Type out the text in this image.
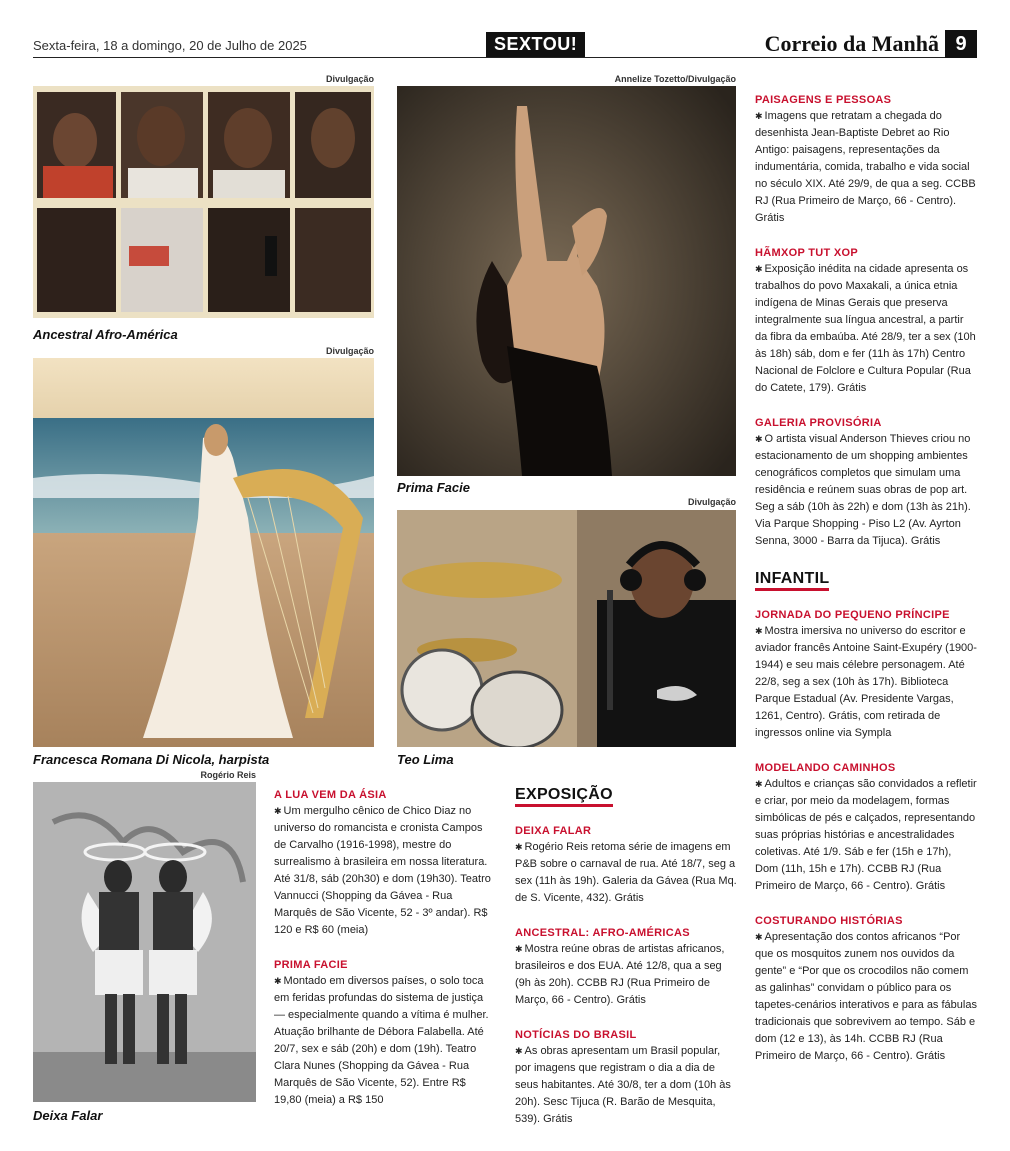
Sexta-feira, 18 a domingo, 20 de Julho de 2025	SEXTOU!	Correio da Manhã 9
Divulgação
Ancestral Afro-América
Divulgação
Francesca Romana Di Nicola, harpista
Annelize Tozetto/Divulgação
Prima Facie
Divulgação
Teo Lima
Rogério Reis
Deixa Falar
A LUA VEM DA ÁSIA

✱ Um mergulho cênico de Chico Diaz no universo do romancista e cronista Campos de Carvalho (1916-1998), mestre do surrealismo à brasileira em nossa literatura. Até 31/8, sáb (20h30) e dom (19h30). Teatro Vannucci (Shopping da Gávea - Rua Marquês de São Vicente, 52 - 3º andar). R$ 120 e R$ 60 (meia)

PRIMA FACIE

✱ Montado em diversos países, o solo toca em feridas profundas do sistema de justiça — especialmente quando a vítima é mulher. Atuação brilhante de Débora Falabella. Até 20/7, sex e sáb (20h) e dom (19h). Teatro Clara Nunes (Shopping da Gávea - Rua Marquês de São Vicente, 52). Entre R$ 19,80 (meia) a R$ 150

EXPOSIÇÃO
DEIXA FALAR

✱ Rogério Reis retoma série de imagens em P&B sobre o carnaval de rua. Até 18/7, seg a sex (11h às 19h). Galeria da Gávea (Rua Mq. de S. Vicente, 432). Grátis

ANCESTRAL: AFRO-AMÉRICAS

✱ Mostra reúne obras de artistas africanos, brasileiros e dos EUA. Até 12/8, qua a seg (9h às 20h). CCBB RJ (Rua Primeiro de Março, 66 - Centro). Grátis

NOTÍCIAS DO BRASIL

✱ As obras apresentam um Brasil popular, por imagens que registram o dia a dia de seus habitantes. Até 30/8, ter a dom (10h às 20h). Sesc Tijuca (R. Barão de Mesquita, 539). Grátis

PAISAGENS E PESSOAS

✱ Imagens que retratam a chegada do desenhista Jean-Baptiste Debret ao Rio Antigo: paisagens, representações da indumentária, comida, trabalho e vida social no século XIX. Até 29/9, de qua a seg. CCBB RJ (Rua Primeiro de Março, 66 - Centro). Grátis

HÃMXOP TUT XOP

✱ Exposição inédita na cidade apresenta os trabalhos do povo Maxakali, a única etnia indígena de Minas Gerais que preserva integralmente sua língua ancestral, a partir da fibra da embaúba. Até 28/9, ter a sex (10h às 18h) sáb, dom e fer (11h às 17h) Centro Nacional de Folclore e Cultura Popular (Rua do Catete, 179). Grátis

GALERIA PROVISÓRIA

✱ O artista visual Anderson Thieves criou no estacionamento de um shopping ambientes cenográficos completos que simulam uma residência e reúnem suas obras de pop art. Seg a sáb (10h às 22h) e dom (13h às 21h). Via Parque Shopping - Piso L2 (Av. Ayrton Senna, 3000 - Barra da Tijuca). Grátis

INFANTIL
JORNADA DO PEQUENO PRÍNCIPE

✱ Mostra imersiva no universo do escritor e aviador francês Antoine Saint-Exupéry (1900-1944) e seu mais célebre personagem. Até 22/8, seg a sex (10h às 17h). Biblioteca Parque Estadual (Av. Presidente Vargas, 1261, Centro). Grátis, com retirada de ingressos online via Sympla

MODELANDO CAMINHOS

✱ Adultos e crianças são convidados a refletir e criar, por meio da modelagem, formas simbólicas de pés e calçados, representando suas próprias histórias e ancestralidades coletivas. Até 1/9. Sáb e fer (15h e 17h), Dom (11h, 15h e 17h). CCBB RJ (Rua Primeiro de Março, 66 - Centro). Grátis

COSTURANDO HISTÓRIAS

✱ Apresentação dos contos africanos “Por que os mosquitos zunem nos ouvidos da gente” e “Por que os crocodilos não comem as galinhas” convidam o público para os tapetes-cenários interativos e para as fábulas tradicionais que sobrevivem ao tempo. Sáb e dom (12 e 13), às 14h. CCBB RJ (Rua Primeiro de Março, 66 - Centro). Grátis
